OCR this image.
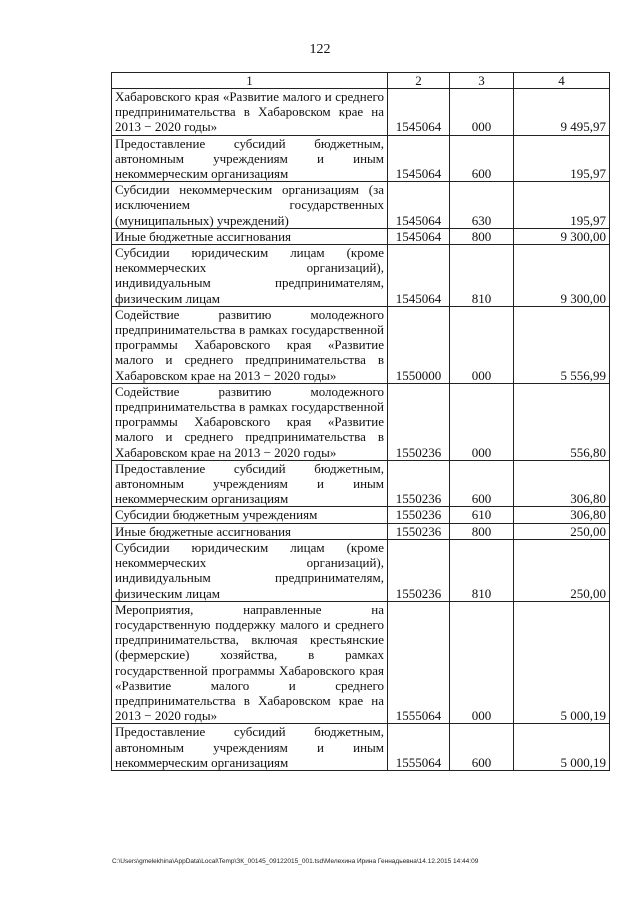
122
1	2	3	4
Хабаровского края «Развитие малого и среднего предпринимательства в Хабаровском крае на 2013 − 2020 годы»	1545064	000	9 495,97
Предоставление субсидий бюджетным, автономным учреждениям и иным некоммерческим организациям	1545064	600	195,97
Субсидии некоммерческим организациям (за исключением государственных (муниципальных) учреждений)	1545064	630	195,97
Иные бюджетные ассигнования	1545064	800	9 300,00
Субсидии юридическим лицам (кроме некоммерческих организаций), индивидуальным предпринимателям, физическим лицам	1545064	810	9 300,00
Содействие развитию молодежного предпринимательства в рамках государственной программы Хабаровского края «Развитие малого и среднего предпринимательства в Хабаровском крае на 2013 − 2020 годы»	1550000	000	5 556,99
Содействие развитию молодежного предпринимательства в рамках государственной программы Хабаровского края «Развитие малого и среднего предпринимательства в Хабаровском крае на 2013 − 2020 годы»	1550236	000	556,80
Предоставление субсидий бюджетным, автономным учреждениям и иным некоммерческим организациям	1550236	600	306,80
Субсидии бюджетным учреждениям	1550236	610	306,80
Иные бюджетные ассигнования	1550236	800	250,00
Субсидии юридическим лицам (кроме некоммерческих организаций), индивидуальным предпринимателям, физическим лицам	1550236	810	250,00
Мероприятия, направленные на государственную поддержку малого и среднего предпринимательства, включая крестьянские (фермерские) хозяйства, в рамках государственной программы Хабаровского края «Развитие малого и среднего предпринимательства в Хабаровском крае на 2013 − 2020 годы»	1555064	000	5 000,19
Предоставление субсидий бюджетным, автономным учреждениям и иным некоммерческим организациям	1555064	600	5 000,19
C:\Users\gmelekhina\AppData\Local\Temp\ЗК_00145_09122015_001.tsd\Мелехина Ирина Геннадьевна\14.12.2015 14:44:09
